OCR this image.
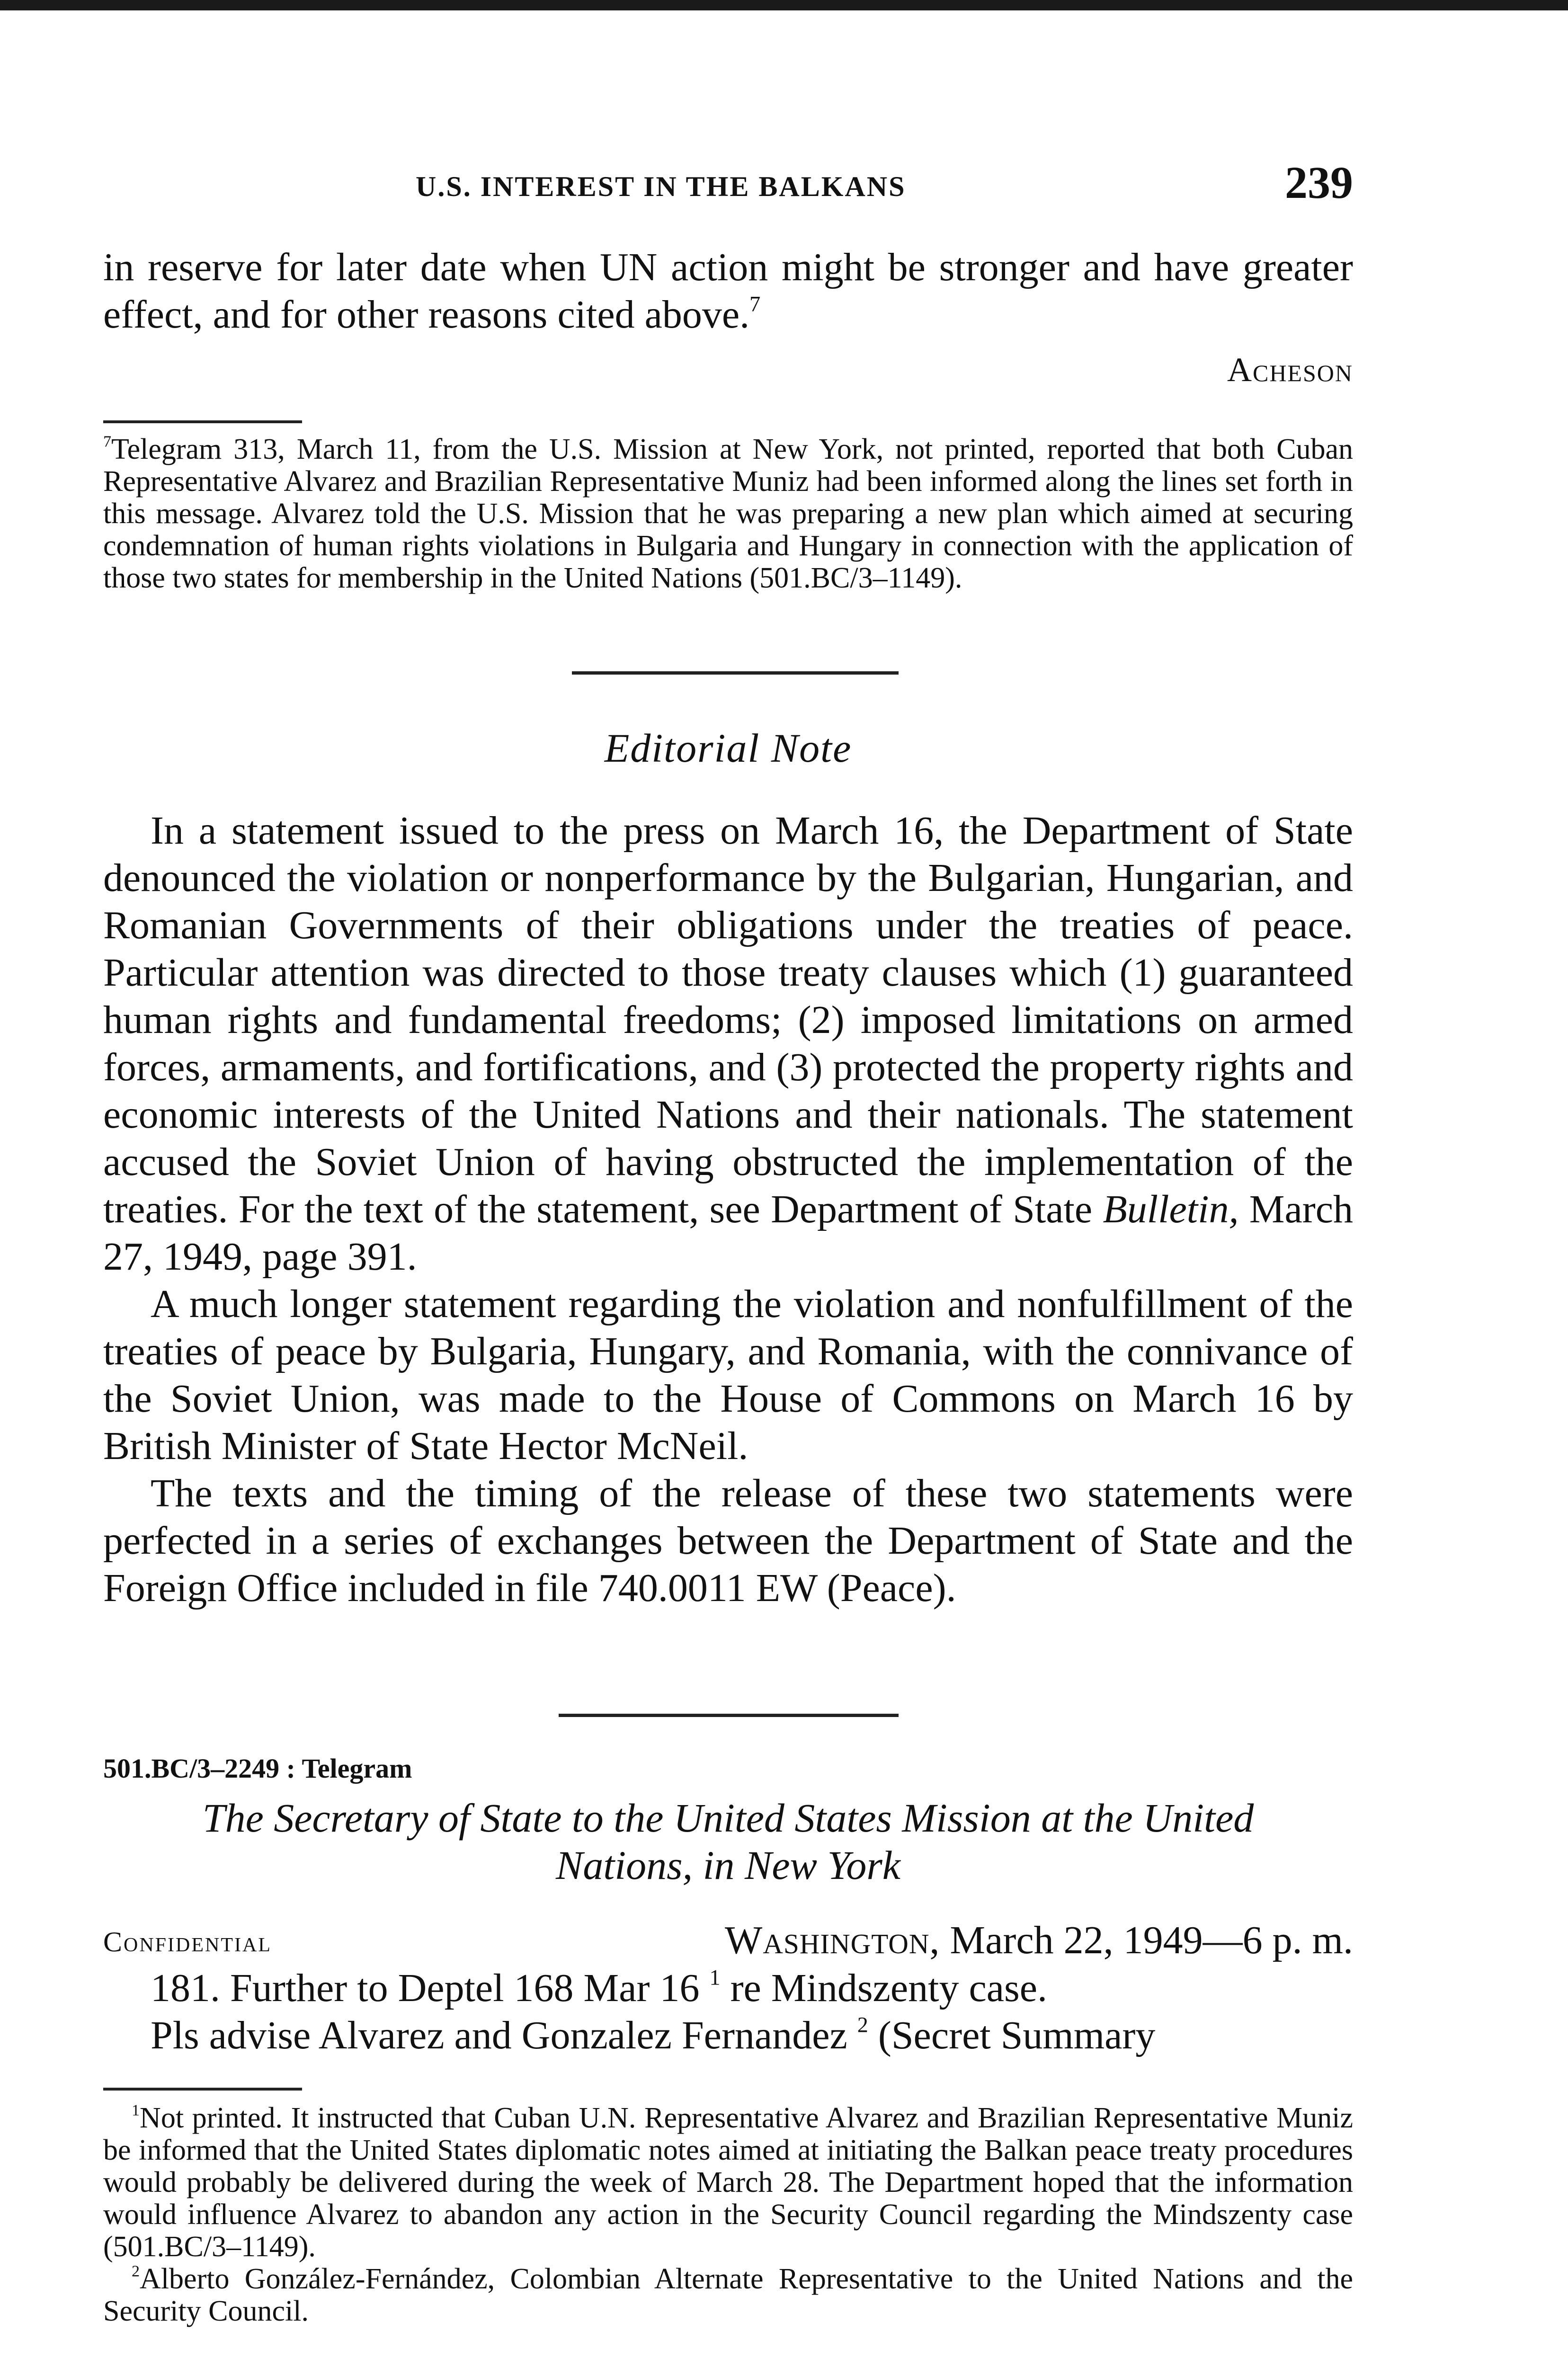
U.S. INTEREST IN THE BALKANS	239
in reserve for later date when UN action might be stronger and have greater effect, and for other reasons cited above.$^7$
Acheson
$^7$Telegram 313, March 11, from the U.S. Mission at New York, not printed, reported that both Cuban Representative Alvarez and Brazilian Representative Muniz had been informed along the lines set forth in this message. Alvarez told the U.S. Mission that he was preparing a new plan which aimed at securing condemnation of human rights violations in Bulgaria and Hungary in connection with the application of those two states for membership in the United Nations (501.BC/3–1149).
Editorial Note

In a statement issued to the press on March 16, the Department of State denounced the violation or nonperformance by the Bulgarian, Hungarian, and Romanian Governments of their obligations under the treaties of peace. Particular attention was directed to those treaty clauses which (1) guaranteed human rights and fundamental freedoms; (2) imposed limitations on armed forces, armaments, and fortifications, and (3) protected the property rights and economic interests of the United Nations and their nationals. The statement accused the Soviet Union of having obstructed the implementation of the treaties. For the text of the statement, see Department of State Bulletin, March 27, 1949, page 391.

A much longer statement regarding the violation and nonfulfillment of the treaties of peace by Bulgaria, Hungary, and Romania, with the connivance of the Soviet Union, was made to the House of Commons on March 16 by British Minister of State Hector McNeil.

The texts and the timing of the release of these two statements were perfected in a series of exchanges between the Department of State and the Foreign Office included in file 740.0011 EW (Peace).

501.BC/3–2249 : Telegram
The Secretary of State to the United States Mission at the United
Nations, in New York
Confidential	Washington, March 22, 1949—6 p. m.

181. Further to Deptel 168 Mar 16 $^1$ re Mindszenty case.

Pls advise Alvarez and Gonzalez Fernandez $^2$ (Secret Summary

$^1$Not printed. It instructed that Cuban U.N. Representative Alvarez and Brazilian Representative Muniz be informed that the United States diplomatic notes aimed at initiating the Balkan peace treaty procedures would probably be delivered during the week of March 28. The Department hoped that the information would influence Alvarez to abandon any action in the Security Council regarding the Mindszenty case (501.BC/3–1149).

$^2$Alberto González-Fernández, Colombian Alternate Representative to the United Nations and the Security Council.
